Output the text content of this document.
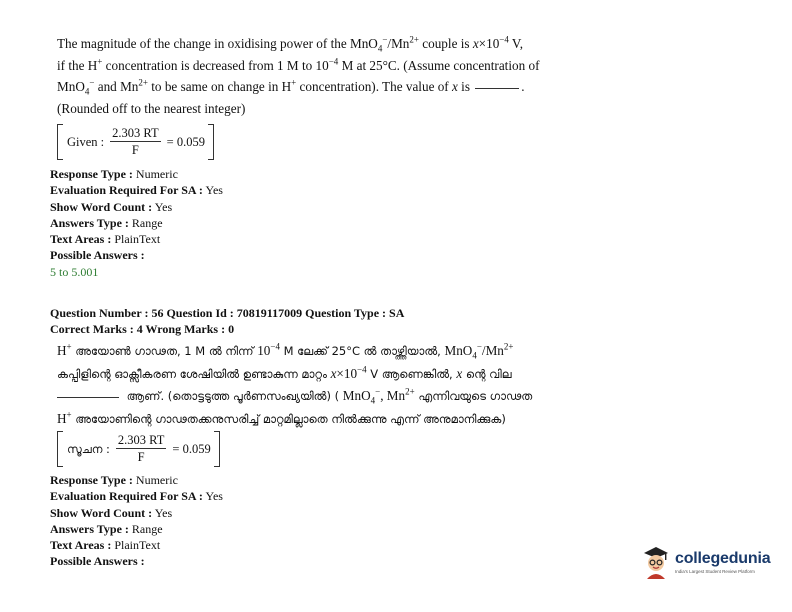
The magnitude of the change in oxidising power of the $MnO_4^-/Mn^{2+}$ couple is $x\times 10^{-4}$ V,
if the H+ concentration is decreased from 1 M to $10^{-4}$ M at 25°C. (Assume concentration of
MnO$_4$− and $Mn^{2+}$ to be same on change in H+ concentration). The value of x is	.
(Rounded off to the nearest integer)
Given : $\frac{2.303 RT}{F} = 0.059$
Response Type : Numeric
Evaluation Required For SA : Yes
Show Word Count : Yes
Answers Type : Range
Text Areas : PlainText
Possible Answers :
5 to 5.001
Question Number : 56 Question Id : 70819117009 Question Type : SA
Correct Marks : 4 Wrong Marks : 0
H+ അയോൺ ഗാഢത, 1 M ൽ നിന്ന് $10^{-4}$ M ലേക്ക് 25°C ൽ താഴ്ത്തിയാൽ, $MnO_4^-/Mn^{2+}$
കപ്പിളിന്റെ ഓക്സീകരണ ശേഷിയിൽ ഉണ്ടാകുന്ന മാറ്റം $x\times 10^{-4}$ V ആണെങ്കിൽ, x ന്റെ വില
ആണ്. (തൊട്ടടുത്ത പൂർണസംഖ്യയിൽ) ( MnO$_4$−, $Mn^{2+}$ എന്നിവയുടെ ഗാഢത
H+ അയോണിന്റെ ഗാഢതക്കനുസരിച്ച് മാറ്റമില്ലാതെ നിൽക്കുന്നു എന്ന് അനുമാനിക്കുക)
സൂചന : $\frac{2.303 RT}{F} = 0.059$
Response Type : Numeric
Evaluation Required For SA : Yes
Show Word Count : Yes
Answers Type : Range
Text Areas : PlainText
Possible Answers :	collegedunia
India's Largest Student Review Platform
